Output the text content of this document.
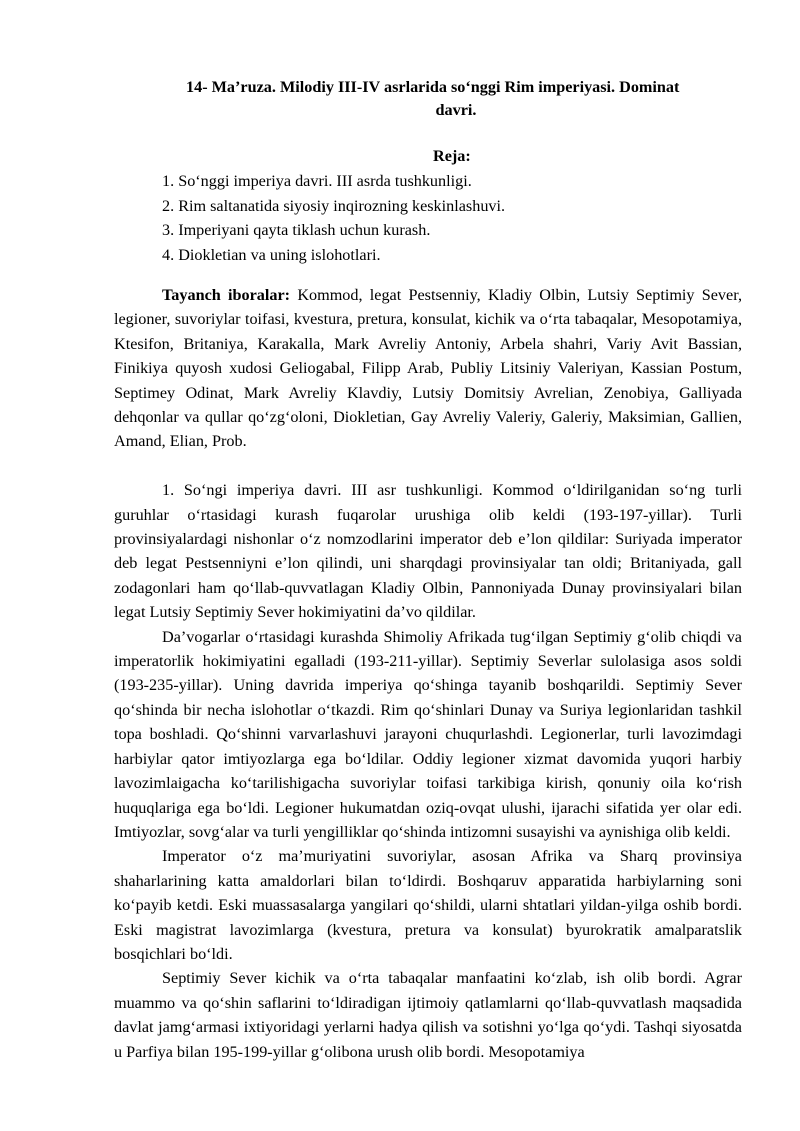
14- Ma’ruza. Milodiy III-IV asrlarida so‘nggi Rim imperiyasi. Dominat
davri.
Reja:
1. So‘nggi imperiya davri. III asrda tushkunligi.
2. Rim saltanatida siyosiy inqirozning keskinlashuvi.
3. Imperiyani qayta tiklash uchun kurash.
4. Diokletian va uning islohotlari.

Tayanch iboralar: Kommod, legat Pestsenniy, Kladiy Olbin, Lutsiy Septimiy Sever, legioner, suvoriylar toifasi, kvestura, pretura, konsulat, kichik va o‘rta tabaqalar, Mesopotamiya, Ktesifon, Britaniya, Karakalla, Mark Avreliy Antoniy, Arbela shahri, Variy Avit Bassian, Finikiya quyosh xudosi Geliogabal, Filipp Arab, Publiy Litsiniy Valeriyan, Kassian Postum, Septimey Odinat, Mark Avreliy Klavdiy, Lutsiy Domitsiy Avrelian, Zenobiya, Galliyada dehqonlar va qullar qo‘zg‘oloni, Diokletian, Gay Avreliy Valeriy, Galeriy, Maksimian, Gallien, Amand, Elian, Prob.

1. So‘ngi imperiya davri. III asr tushkunligi. Kommod o‘ldirilganidan so‘ng turli guruhlar o‘rtasidagi kurash fuqarolar urushiga olib keldi (193-197-yillar). Turli provinsiyalardagi nishonlar o‘z nomzodlarini imperator deb e’lon qildilar: Suriyada imperator deb legat Pestsenniyni e’lon qilindi, uni sharqdagi provinsiyalar tan oldi; Britaniyada, gall zodagonlari ham qo‘llab-quvvatlagan Kladiy Olbin, Pannoniyada Dunay provinsiyalari bilan legat Lutsiy Septimiy Sever hokimiyatini da’vo qildilar.

Da’vogarlar o‘rtasidagi kurashda Shimoliy Afrikada tug‘ilgan Septimiy g‘olib chiqdi va imperatorlik hokimiyatini egalladi (193-211-yillar). Septimiy Severlar sulolasiga asos soldi (193-235-yillar). Uning davrida imperiya qo‘shinga tayanib boshqarildi. Septimiy Sever qo‘shinda bir necha islohotlar o‘tkazdi. Rim qo‘shinlari Dunay va Suriya legionlaridan tashkil topa boshladi. Qo‘shinni varvarlashuvi jarayoni chuqurlashdi. Legionerlar, turli lavozimdagi harbiylar qator imtiyozlarga ega bo‘ldilar. Oddiy legioner xizmat davomida yuqori harbiy lavozimlaigacha ko‘tarilishigacha suvoriylar toifasi tarkibiga kirish, qonuniy oila ko‘rish huquqlariga ega bo‘ldi. Legioner hukumatdan oziq-ovqat ulushi, ijarachi sifatida yer olar edi. Imtiyozlar, sovg‘alar va turli yengilliklar qo‘shinda intizomni susayishi va aynishiga olib keldi.

Imperator o‘z ma’muriyatini suvoriylar, asosan Afrika va Sharq provinsiya shaharlarining katta amaldorlari bilan to‘ldirdi. Boshqaruv apparatida harbiylarning soni ko‘payib ketdi. Eski muassasalarga yangilari qo‘shildi, ularni shtatlari yildan-yilga oshib bordi. Eski magistrat lavozimlarga (kvestura, pretura va konsulat) byurokratik amalparatslik bosqichlari bo‘ldi.

Septimiy Sever kichik va o‘rta tabaqalar manfaatini ko‘zlab, ish olib bordi. Agrar muammo va qo‘shin saflarini to‘ldiradigan ijtimoiy qatlamlarni qo‘llab-quvvatlash maqsadida davlat jamg‘armasi ixtiyoridagi yerlarni hadya qilish va sotishni yo‘lga qo‘ydi. Tashqi siyosatda u Parfiya bilan 195-199-yillar g‘olibona urush olib bordi. Mesopotamiya
